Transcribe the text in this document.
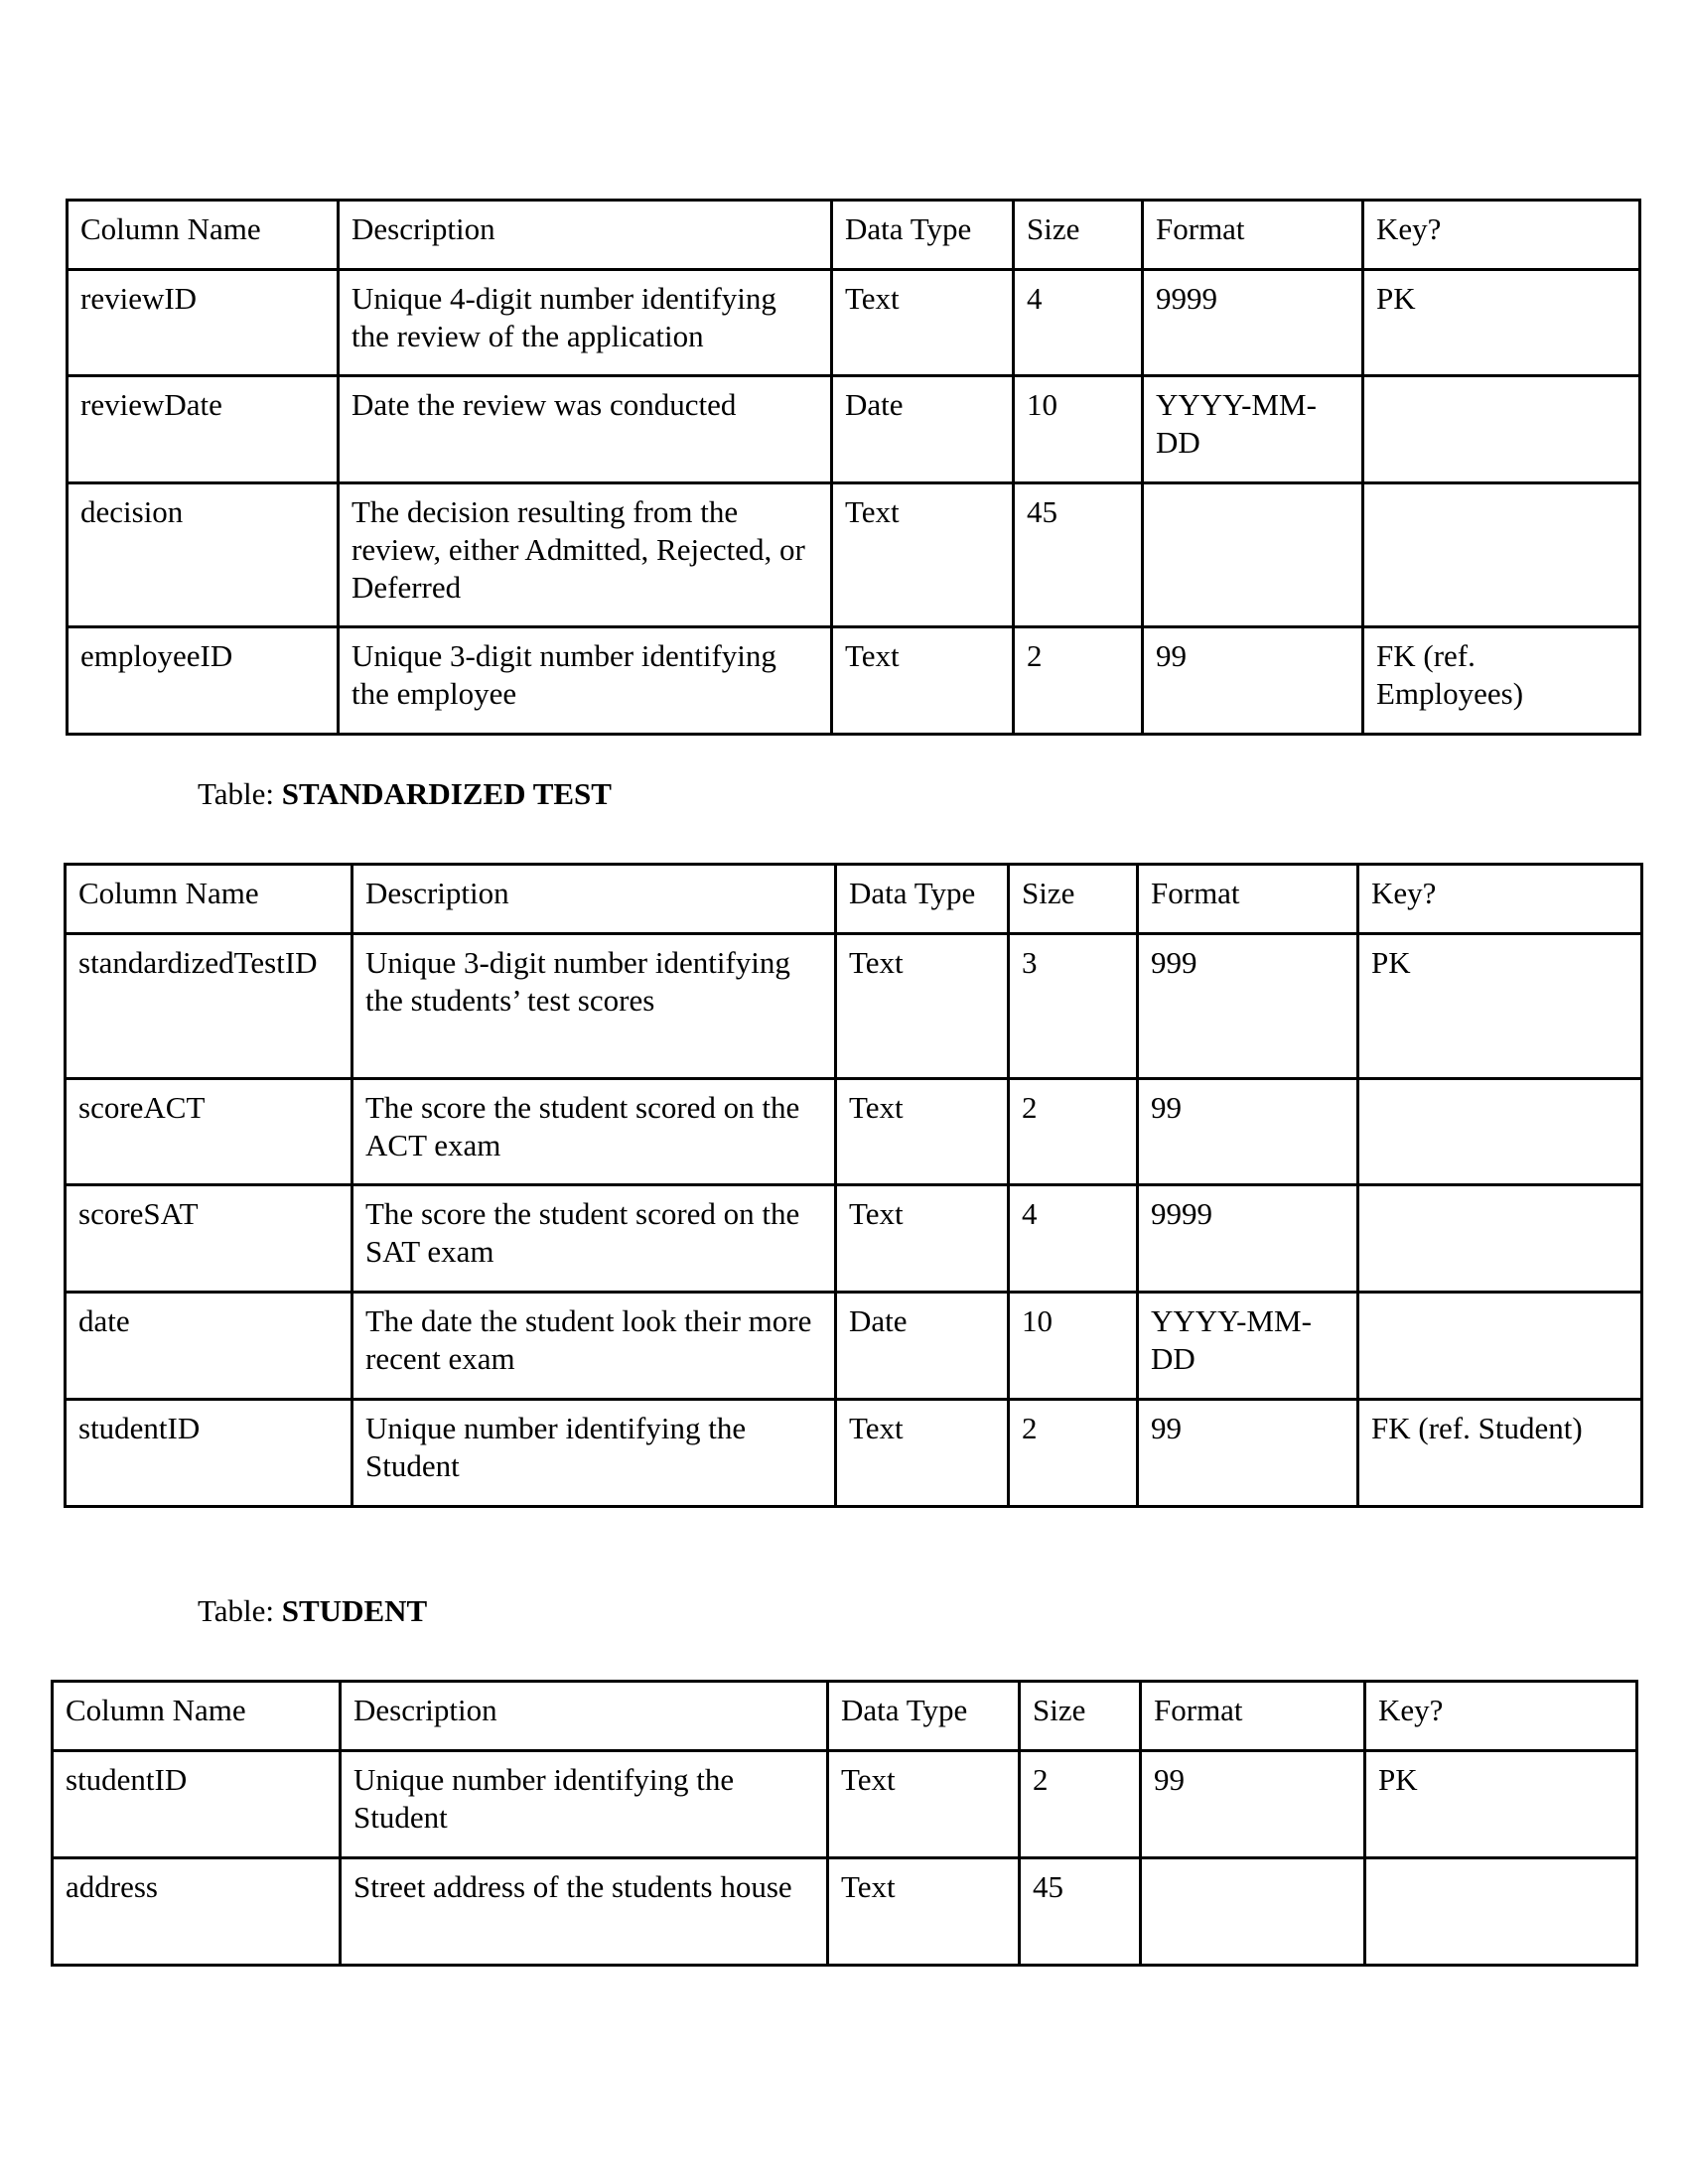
Column Name	Description	Data Type	Size	Format	Key?
reviewID	Unique 4-digit number identifying the review of the application	Text	4	9999	PK
reviewDate	Date the review was conducted	Date	10	YYYY-MM-DD	
decision	The decision resulting from the review, either Admitted, Rejected, or Deferred	Text	45		
employeeID	Unique 3-digit number identifying the employee	Text	2	99	FK (ref. Employees)
Table: STANDARDIZED TEST
Column Name	Description	Data Type	Size	Format	Key?
standardizedTestID	Unique 3-digit number identifying the students’ test scores	Text	3	999	PK
scoreACT	The score the student scored on the ACT exam	Text	2	99	
scoreSAT	The score the student scored on the SAT exam	Text	4	9999	
date	The date the student look their more recent exam	Date	10	YYYY-MM-DD	
studentID	Unique number identifying the Student	Text	2	99	FK (ref. Student)
Table: STUDENT
Column Name	Description	Data Type	Size	Format	Key?
studentID	Unique number identifying the Student	Text	2	99	PK
address	Street address of the students house	Text	45		
